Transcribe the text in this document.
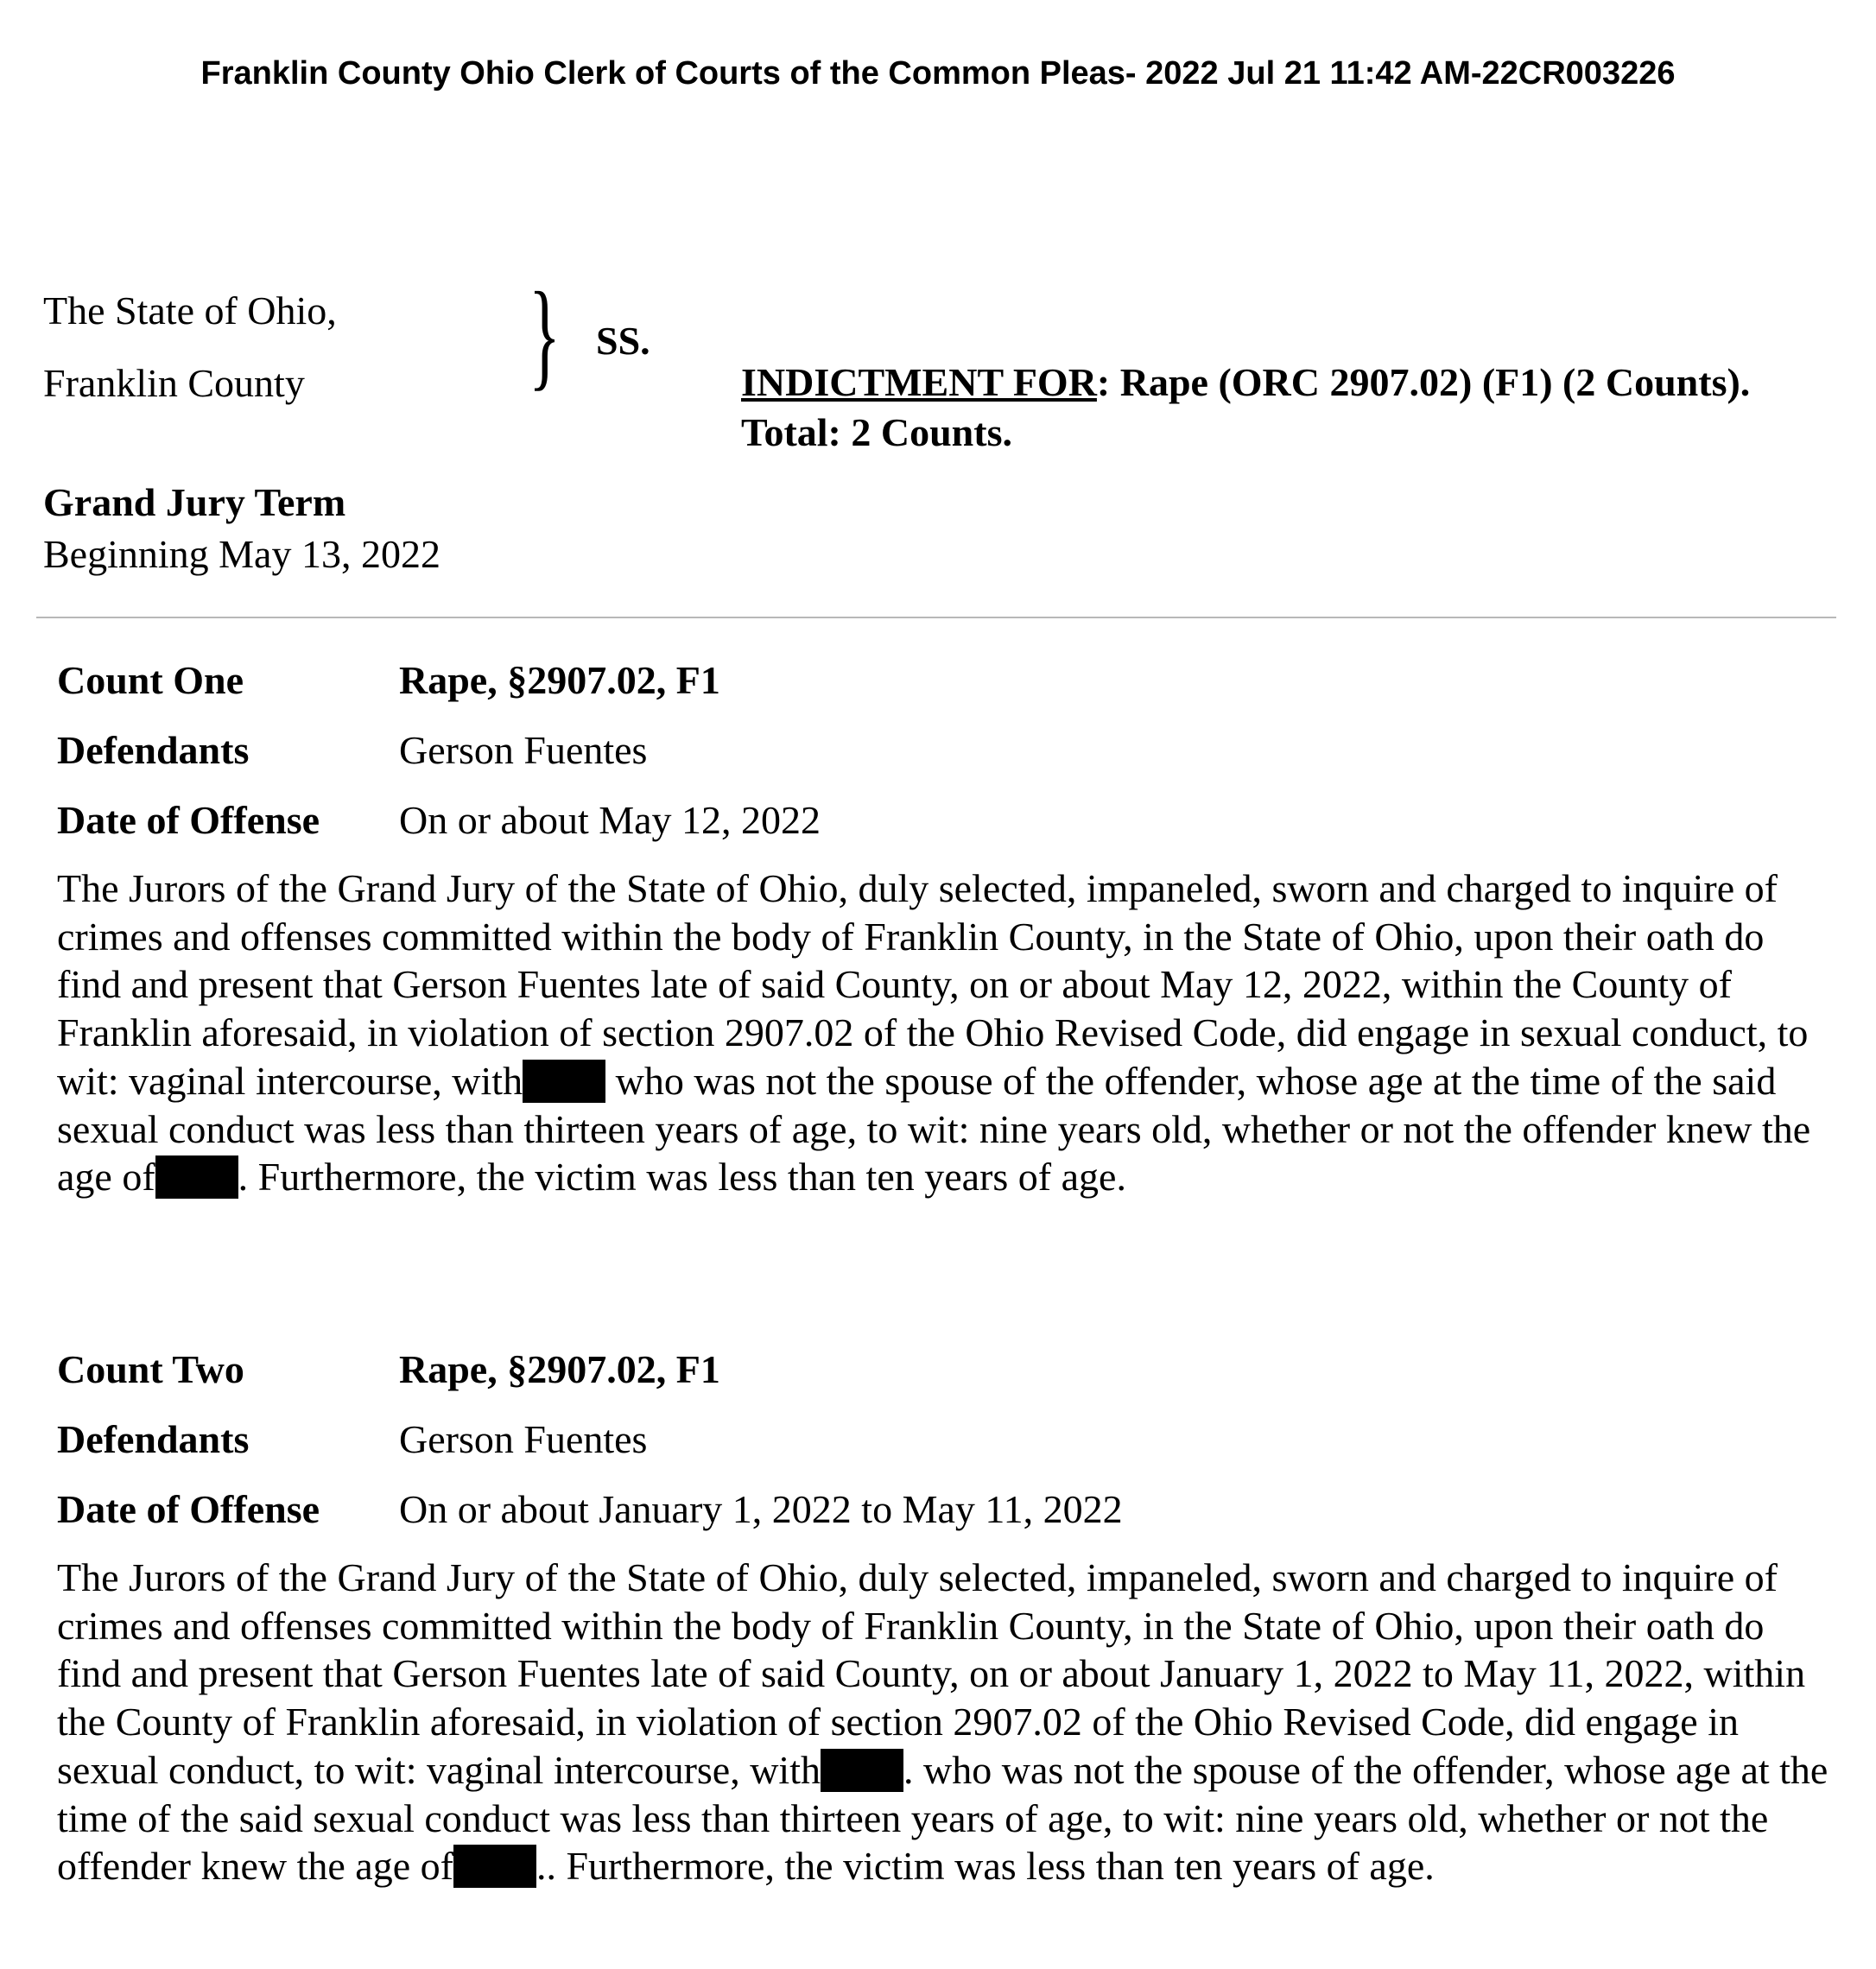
Franklin County Ohio Clerk of Courts of the Common Pleas- 2022 Jul 21 11:42 AM-22CR003226
The State of Ohio,
Franklin County } SS.
INDICTMENT FOR: Rape (ORC 2907.02) (F1) (2 Counts). Total: 2 Counts.
Grand Jury Term
Beginning May 13, 2022
Count One	Rape, §2907.02, F1
Defendants	Gerson Fuentes
Date of Offense	On or about May 12, 2022
The Jurors of the Grand Jury of the State of Ohio, duly selected, impaneled, sworn and charged to inquire of crimes and offenses committed within the body of Franklin County, in the State of Ohio, upon their oath do find and present that Gerson Fuentes late of said County, on or about May 12, 2022, within the County of Franklin aforesaid, in violation of section 2907.02 of the Ohio Revised Code, did engage in sexual conduct, to wit: vaginal intercourse, with who was not the spouse of the offender, whose age at the time of the said sexual conduct was less than thirteen years of age, to wit: nine years old, whether or not the offender knew the age of . Furthermore, the victim was less than ten years of age.
Count Two	Rape, §2907.02, F1
Defendants	Gerson Fuentes
Date of Offense	On or about January 1, 2022 to May 11, 2022
The Jurors of the Grand Jury of the State of Ohio, duly selected, impaneled, sworn and charged to inquire of crimes and offenses committed within the body of Franklin County, in the State of Ohio, upon their oath do find and present that Gerson Fuentes late of said County, on or about January 1, 2022 to May 11, 2022, within the County of Franklin aforesaid, in violation of section 2907.02 of the Ohio Revised Code, did engage in sexual conduct, to wit: vaginal intercourse, with . who was not the spouse of the offender, whose age at the time of the said sexual conduct was less than thirteen years of age, to wit: nine years old, whether or not the offender knew the age of .. Furthermore, the victim was less than ten years of age.
